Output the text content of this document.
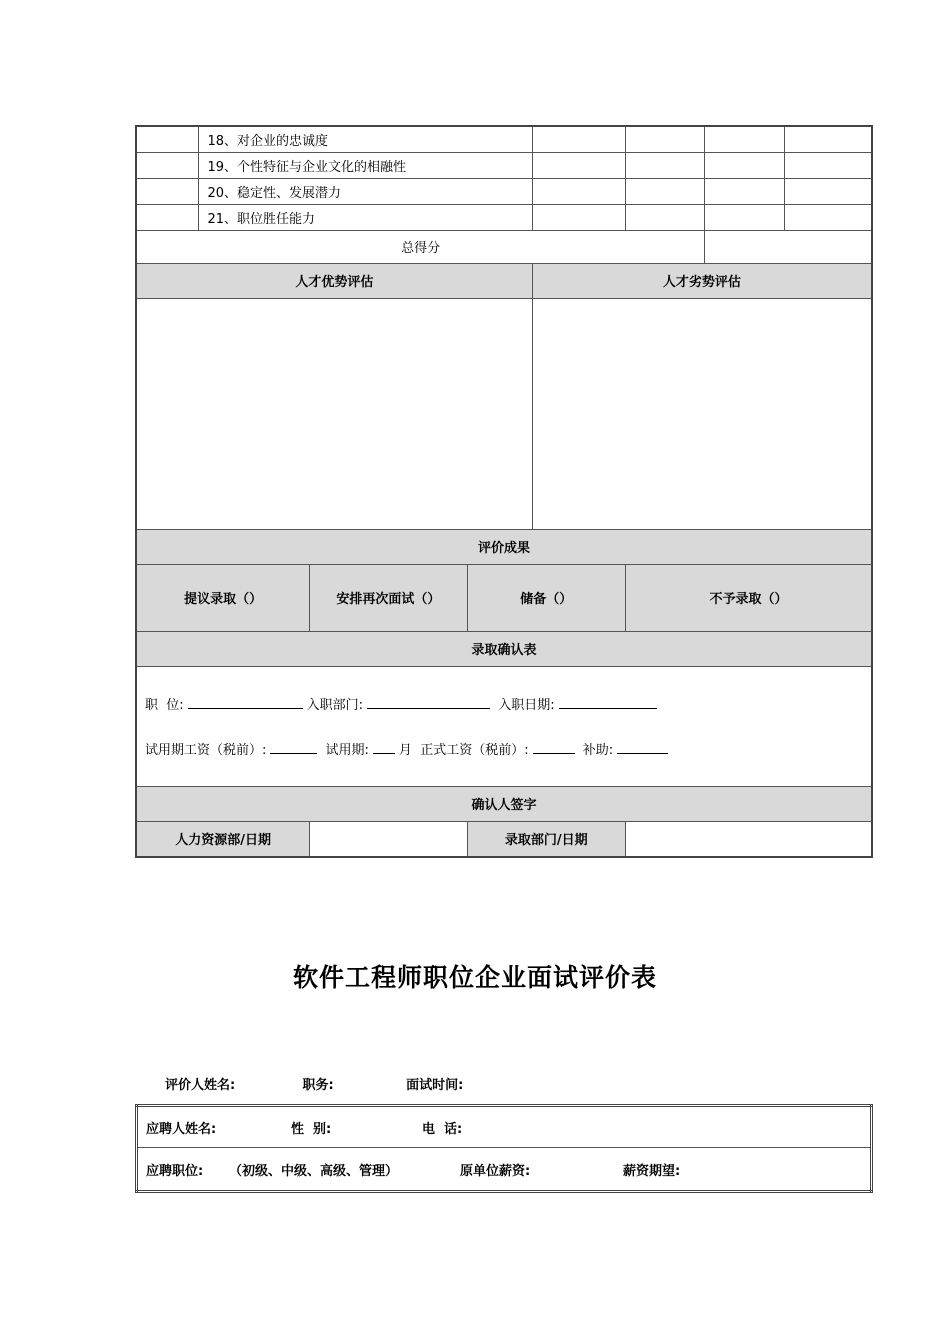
	18、对企业的忠诚度						
	19、个性特征与企业文化的相融性						
	20、稳定性、发展潜力						
	21、职位胜任能力						
总得分							
人才优势评估				人才劣势评估			

评价成果							
提议录取（）		安排再次面试（）	储备（）		不予录取（）		
录取确认表							

职  位: 入职部门: 入职日期:
试用期工资（税前）: 试用期: 月 正式工资（税前）: 补助:							

确认人签字							
人力资源部/日期			录取部门/日期				
软件工程师职位企业面试评价表
评价人姓名:	职务:	面试时间:
应聘人姓名:	性  别:	电  话:
应聘职位: （初级、中级、高级、管理）	原单位薪资:	薪资期望:
